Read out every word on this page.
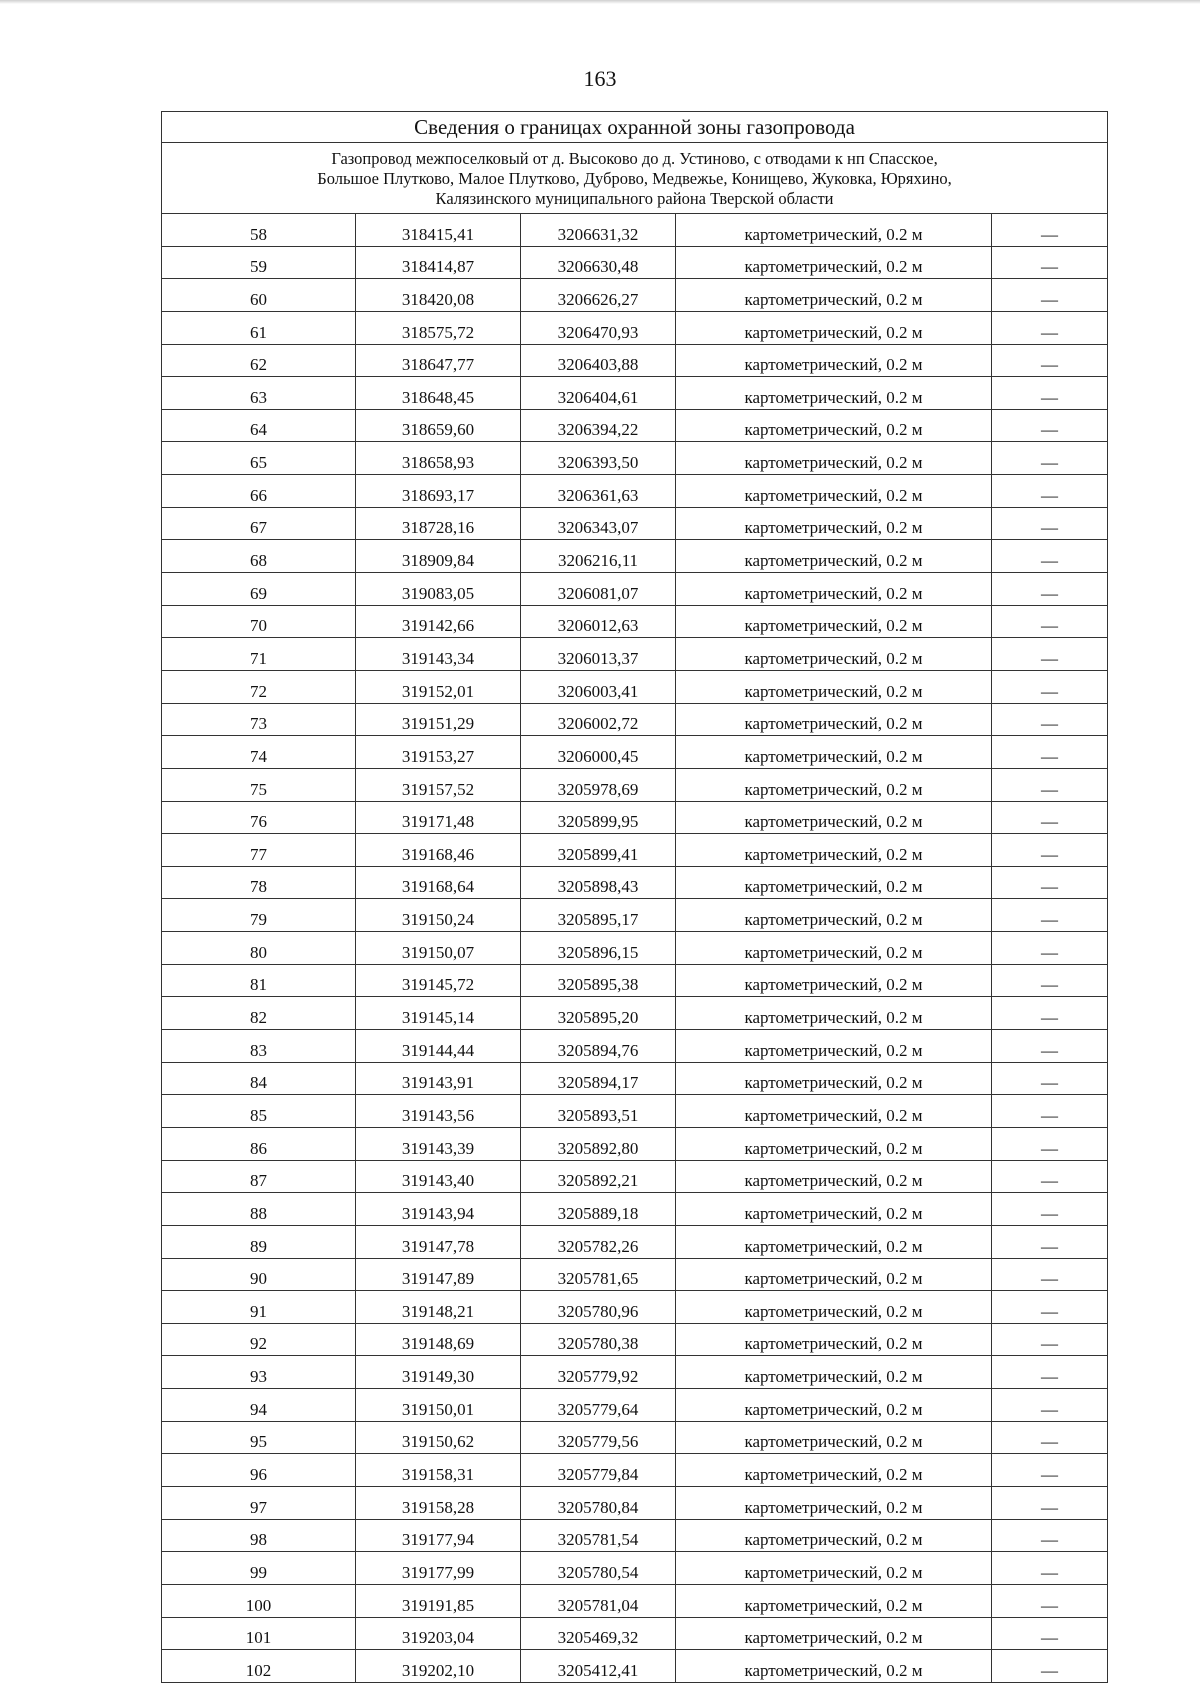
163
Сведения о границах охранной зоны газопровода				

Газопровод межпоселковый от д. Высоково до д. Устиново, с отводами к нп Спасское,
Большое Плутково, Малое Плутково, Дуброво, Медвежье, Конищево, Жуковка, Юряхино,
Калязинского муниципального района Тверской области				

58	318415,41	3206631,32	картометрический, 0.2 м	—
59	318414,87	3206630,48	картометрический, 0.2 м	—
60	318420,08	3206626,27	картометрический, 0.2 м	—
61	318575,72	3206470,93	картометрический, 0.2 м	—
62	318647,77	3206403,88	картометрический, 0.2 м	—
63	318648,45	3206404,61	картометрический, 0.2 м	—
64	318659,60	3206394,22	картометрический, 0.2 м	—
65	318658,93	3206393,50	картометрический, 0.2 м	—
66	318693,17	3206361,63	картометрический, 0.2 м	—
67	318728,16	3206343,07	картометрический, 0.2 м	—
68	318909,84	3206216,11	картометрический, 0.2 м	—
69	319083,05	3206081,07	картометрический, 0.2 м	—
70	319142,66	3206012,63	картометрический, 0.2 м	—
71	319143,34	3206013,37	картометрический, 0.2 м	—
72	319152,01	3206003,41	картометрический, 0.2 м	—
73	319151,29	3206002,72	картометрический, 0.2 м	—
74	319153,27	3206000,45	картометрический, 0.2 м	—
75	319157,52	3205978,69	картометрический, 0.2 м	—
76	319171,48	3205899,95	картометрический, 0.2 м	—
77	319168,46	3205899,41	картометрический, 0.2 м	—
78	319168,64	3205898,43	картометрический, 0.2 м	—
79	319150,24	3205895,17	картометрический, 0.2 м	—
80	319150,07	3205896,15	картометрический, 0.2 м	—
81	319145,72	3205895,38	картометрический, 0.2 м	—
82	319145,14	3205895,20	картометрический, 0.2 м	—
83	319144,44	3205894,76	картометрический, 0.2 м	—
84	319143,91	3205894,17	картометрический, 0.2 м	—
85	319143,56	3205893,51	картометрический, 0.2 м	—
86	319143,39	3205892,80	картометрический, 0.2 м	—
87	319143,40	3205892,21	картометрический, 0.2 м	—
88	319143,94	3205889,18	картометрический, 0.2 м	—
89	319147,78	3205782,26	картометрический, 0.2 м	—
90	319147,89	3205781,65	картометрический, 0.2 м	—
91	319148,21	3205780,96	картометрический, 0.2 м	—
92	319148,69	3205780,38	картометрический, 0.2 м	—
93	319149,30	3205779,92	картометрический, 0.2 м	—
94	319150,01	3205779,64	картометрический, 0.2 м	—
95	319150,62	3205779,56	картометрический, 0.2 м	—
96	319158,31	3205779,84	картометрический, 0.2 м	—
97	319158,28	3205780,84	картометрический, 0.2 м	—
98	319177,94	3205781,54	картометрический, 0.2 м	—
99	319177,99	3205780,54	картометрический, 0.2 м	—
100	319191,85	3205781,04	картометрический, 0.2 м	—
101	319203,04	3205469,32	картометрический, 0.2 м	—
102	319202,10	3205412,41	картометрический, 0.2 м	—
